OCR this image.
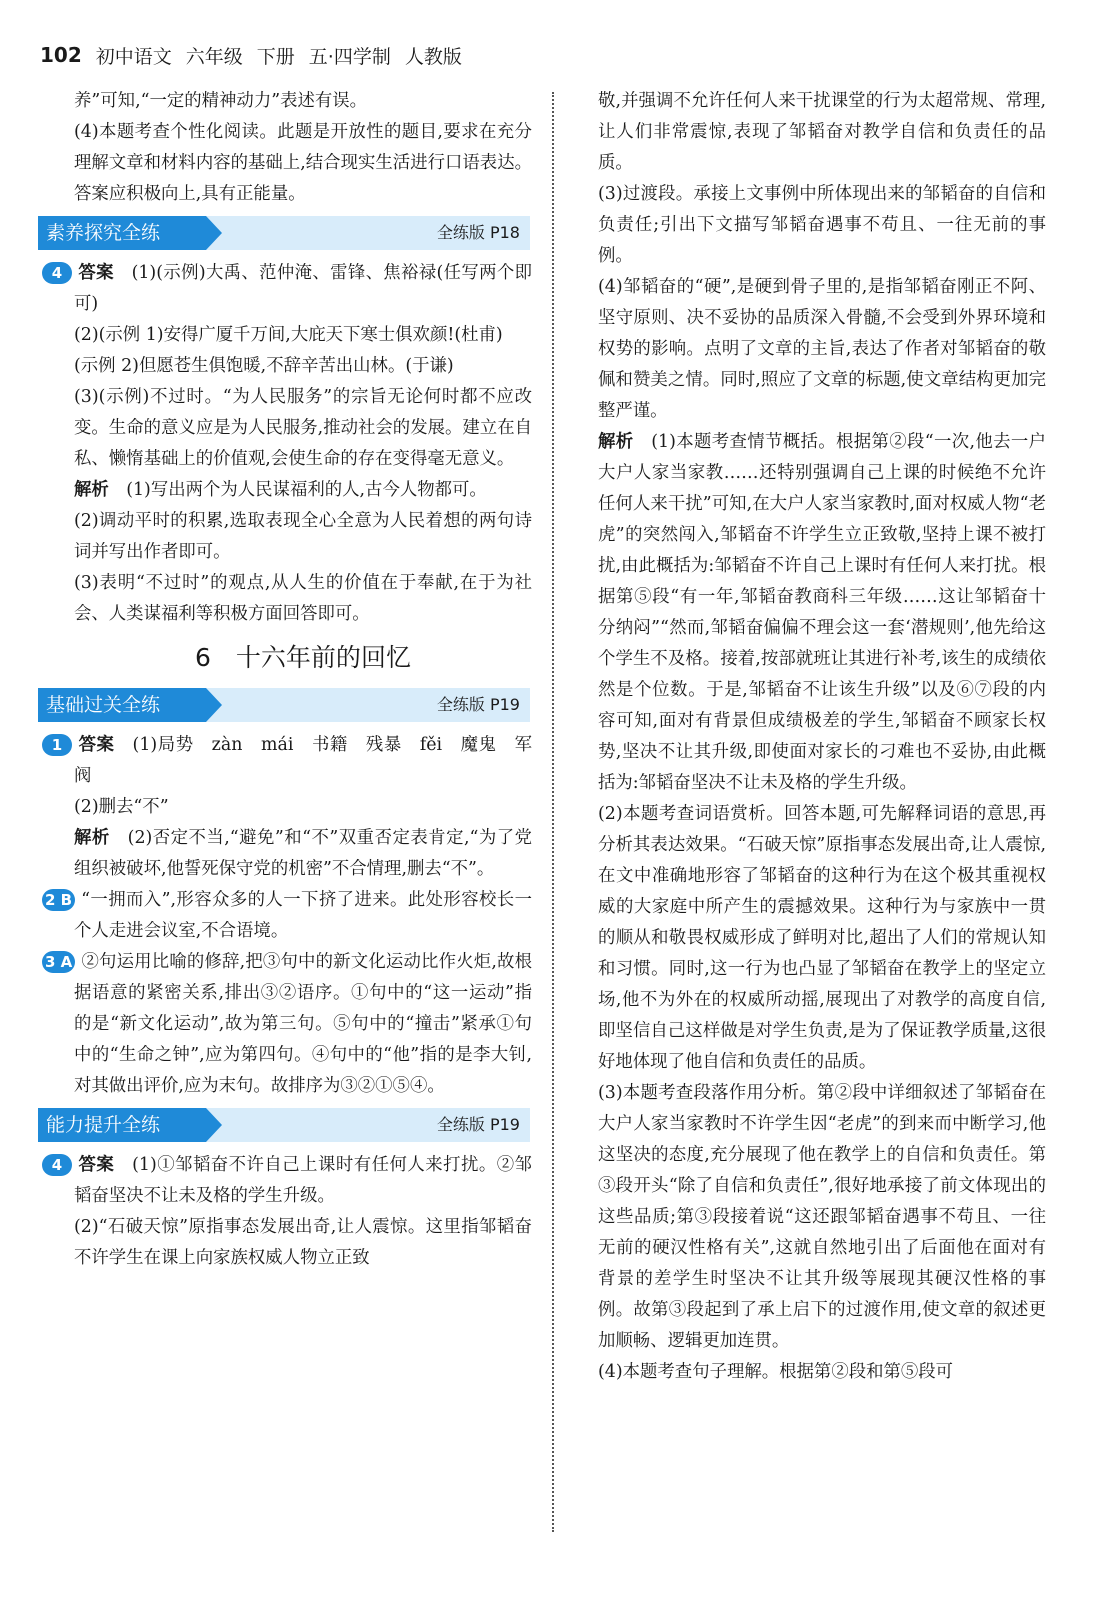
102 初中语文 六年级 下册 五·四学制 人教版

养”可知,“一定的精神动力”表述有误。

(4)本题考查个性化阅读。此题是开放性的题目,要求在充分理解文章和材料内容的基础上,结合现实生活进行口语表达。答案应积极向上,具有正能量。

素养探究全练	全练版 P18

4 答案　 (1)(示例)大禹、范仲淹、雷锋、焦裕禄(任写两个即可)

(2)(示例 1)安得广厦千万间,大庇天下寒士俱欢颜!(杜甫)

(示例 2)但愿苍生俱饱暖,不辞辛苦出山林。(于谦)

(3)(示例)不过时。“为人民服务”的宗旨无论何时都不应改变。生命的意义应是为人民服务,推动社会的发展。建立在自私、懒惰基础上的价值观,会使生命的存在变得毫无意义。

解析　 (1)写出两个为人民谋福利的人,古今人物都可。

(2)调动平时的积累,选取表现全心全意为人民着想的两句诗词并写出作者即可。

(3)表明“不过时”的观点,从人生的价值在于奉献,在于为社会、人类谋福利等积极方面回答即可。

6　十六年前的回忆
基础过关全练	全练版 P19

1 答案　 (1)局势　zàn　mái　书籍　残暴　fěi　魔鬼　军阀

(2)删去“不”

解析　 (2)否定不当,“避免”和“不”双重否定表肯定,“为了党组织被破坏,他誓死保守党的机密”不合情理,删去“不”。

2 B “一拥而入”,形容众多的人一下挤了进来。此处形容校长一个人走进会议室,不合语境。

3 A ②句运用比喻的修辞,把③句中的新文化运动比作火炬,故根据语意的紧密关系,排出③②语序。①句中的“这一运动”指的是“新文化运动”,故为第三句。⑤句中的“撞击”紧承①句中的“生命之钟”,应为第四句。④句中的“他”指的是李大钊,对其做出评价,应为末句。故排序为③②①⑤④。

能力提升全练	全练版 P19

4 答案　 (1)①邹韬奋不许自己上课时有任何人来打扰。②邹韬奋坚决不让未及格的学生升级。

(2)“石破天惊”原指事态发展出奇,让人震惊。这里指邹韬奋不许学生在课上向家族权威人物立正致

敬,并强调不允许任何人来干扰课堂的行为太超常规、常理,让人们非常震惊,表现了邹韬奋对教学自信和负责任的品质。

(3)过渡段。承接上文事例中所体现出来的邹韬奋的自信和负责任;引出下文描写邹韬奋遇事不苟且、一往无前的事例。

(4)邹韬奋的“硬”,是硬到骨子里的,是指邹韬奋刚正不阿、坚守原则、决不妥协的品质深入骨髓,不会受到外界环境和权势的影响。点明了文章的主旨,表达了作者对邹韬奋的敬佩和赞美之情。同时,照应了文章的标题,使文章结构更加完整严谨。

解析　 (1)本题考查情节概括。根据第②段“一次,他去一户大户人家当家教……还特别强调自己上课的时候绝不允许任何人来干扰”可知,在大户人家当家教时,面对权威人物“老虎”的突然闯入,邹韬奋不许学生立正致敬,坚持上课不被打扰,由此概括为:邹韬奋不许自己上课时有任何人来打扰。根据第⑤段“有一年,邹韬奋教商科三年级……这让邹韬奋十分纳闷”“然而,邹韬奋偏偏不理会这一套‘潜规则’,他先给这个学生不及格。接着,按部就班让其进行补考,该生的成绩依然是个位数。于是,邹韬奋不让该生升级”以及⑥⑦段的内容可知,面对有背景但成绩极差的学生,邹韬奋不顾家长权势,坚决不让其升级,即使面对家长的刁难也不妥协,由此概括为:邹韬奋坚决不让未及格的学生升级。

(2)本题考查词语赏析。回答本题,可先解释词语的意思,再分析其表达效果。“石破天惊”原指事态发展出奇,让人震惊,在文中准确地形容了邹韬奋的这种行为在这个极其重视权威的大家庭中所产生的震撼效果。这种行为与家族中一贯的顺从和敬畏权威形成了鲜明对比,超出了人们的常规认知和习惯。同时,这一行为也凸显了邹韬奋在教学上的坚定立场,他不为外在的权威所动摇,展现出了对教学的高度自信,即坚信自己这样做是对学生负责,是为了保证教学质量,这很好地体现了他自信和负责任的品质。

(3)本题考查段落作用分析。第②段中详细叙述了邹韬奋在大户人家当家教时不许学生因“老虎”的到来而中断学习,他这坚决的态度,充分展现了他在教学上的自信和负责任。第③段开头“除了自信和负责任”,很好地承接了前文体现出的这些品质;第③段接着说“这还跟邹韬奋遇事不苟且、一往无前的硬汉性格有关”,这就自然地引出了后面他在面对有背景的差学生时坚决不让其升级等展现其硬汉性格的事例。故第③段起到了承上启下的过渡作用,使文章的叙述更加顺畅、逻辑更加连贯。

(4)本题考查句子理解。根据第②段和第⑤段可
